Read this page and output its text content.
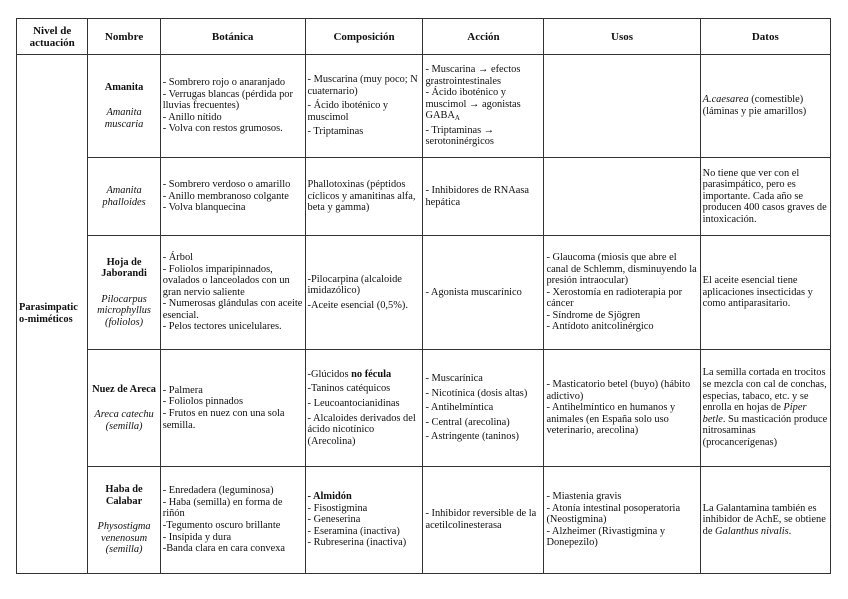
Nivel de actuación	Nombre	Botánica	Composición	Acción	Usos	Datos

Parasimpatic
o-miméticos	Amanita
Amanita muscaria	- Sombrero rojo o anaranjado
- Verrugas blancas (pérdida por lluvias frecuentes)
- Anillo nítido
- Volva con restos grumosos.	- Muscarina (muy poco; N cuaternario)
- Ácido iboténico y muscimol
- Triptaminas	- Muscarina → efectos grastrointestinales
- Ácido iboténico y muscimol → agonistas $GABA_A$
- Triptaminas → serotoninérgicos		A.caesarea (comestible) (láminas y pie amarillos)

	Amanita phalloides	- Sombrero verdoso o amarillo
- Anillo membranoso colgante
- Volva blanquecina	Phallotoxinas (péptidos cíclicos y amanitinas alfa, beta y gamma)	- Inhibidores de RNAasa hepática		No tiene que ver con el parasimpático, pero es importante. Cada año se producen 400 casos graves de intoxicación.

	Hoja de Jaborandi
Pilocarpus microphyllus (foliolos)	- Árbol
- Foliolos imparipinnados, ovalados o lanceolados con un gran nervio saliente
- Numerosas glándulas con aceite esencial.
- Pelos tectores unicelulares.	-Pilocarpina (alcaloide imidazólico)
-Aceite esencial (0,5%).	- Agonista muscarínico	- Glaucoma (miosis que abre el canal de Schlemm, disminuyendo la presión intraocular)
- Xerostomía en radioterapia por cáncer
- Síndrome de Sjögren
- Antídoto anitcolinérgico	El aceite esencial tiene aplicaciones insecticidas y como antiparasitario.

	Nuez de Areca
Areca catechu (semilla)	- Palmera
- Foliolos pinnados
- Frutos en nuez con una sola semilla.	-Glúcidos no fécula
-Taninos catéquicos
- Leucoantocianidinas
- Alcaloides derivados del ácido nicotínico (Arecolina)	- Muscarínica
- Nicotínica (dosis altas)
- Antihelmíntica
- Central (arecolina)
- Astringente (taninos)	- Masticatorio betel (buyo) (hábito adictivo)
- Antihelmíntico en humanos y animales (en España solo uso veterinario, arecolina)	La semilla cortada en trocitos se mezcla con cal de conchas, especias, tabaco, etc. y se enrolla en hojas de Piper betle. Su masticación produce nitrosaminas (procancerígenas)

	Haba de Calabar
Physostigma venenosum (semilla)	- Enredadera (leguminosa)
- Haba (semilla) en forma de riñón
-Tegumento oscuro brillante
- Insípida y dura
-Banda clara en cara convexa	- Almidón
- Fisostigmina
- Geneserina
- Eseramina (inactiva)
- Rubreserina (inactiva)	- Inhibidor reversible de la acetilcolinesterasa	- Miastenia gravis
- Atonía intestinal posoperatoria (Neostigmina)
- Alzheimer (Rivastigmina y Donepezilo)	La Galantamina también es inhibidor de AchE, se obtiene de Galanthus nivalis.
